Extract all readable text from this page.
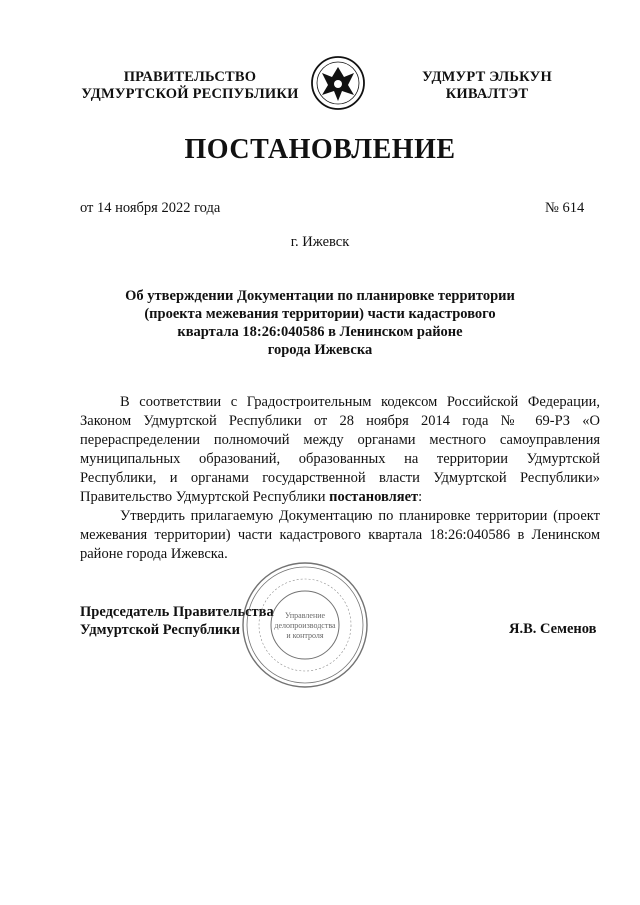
ПРАВИТЕЛЬСТВО
УДМУРТСКОЙ РЕСПУБЛИКИ
УДМУРТ ЭЛЬКУН
КИВАЛТЭТ
ПОСТАНОВЛЕНИЕ
от 14 ноября 2022 года	№ 614
г. Ижевск
Об утверждении Документации по планировке территории
(проекта межевания территории) части кадастрового
квартала 18:26:040586 в Ленинском районе
города Ижевска

В соответствии с Градостроительным кодексом Российской Федерации, Законом Удмуртской Республики от 28 ноября 2014 года № 69-РЗ «О перераспределении полномочий между органами местного самоуправления муниципальных образований, образованных на территории Удмуртской Республики, и органами государственной власти Удмуртской Республики» Правительство Удмуртской Республики постановляет:

Утвердить прилагаемую Документацию по планировке территории (проект межевания территории) части кадастрового квартала 18:26:040586 в Ленинском районе города Ижевска.

Председатель Правительства
Удмуртской Республики
Управление
делопроизводства
и контроля	Я.В. Семенов
